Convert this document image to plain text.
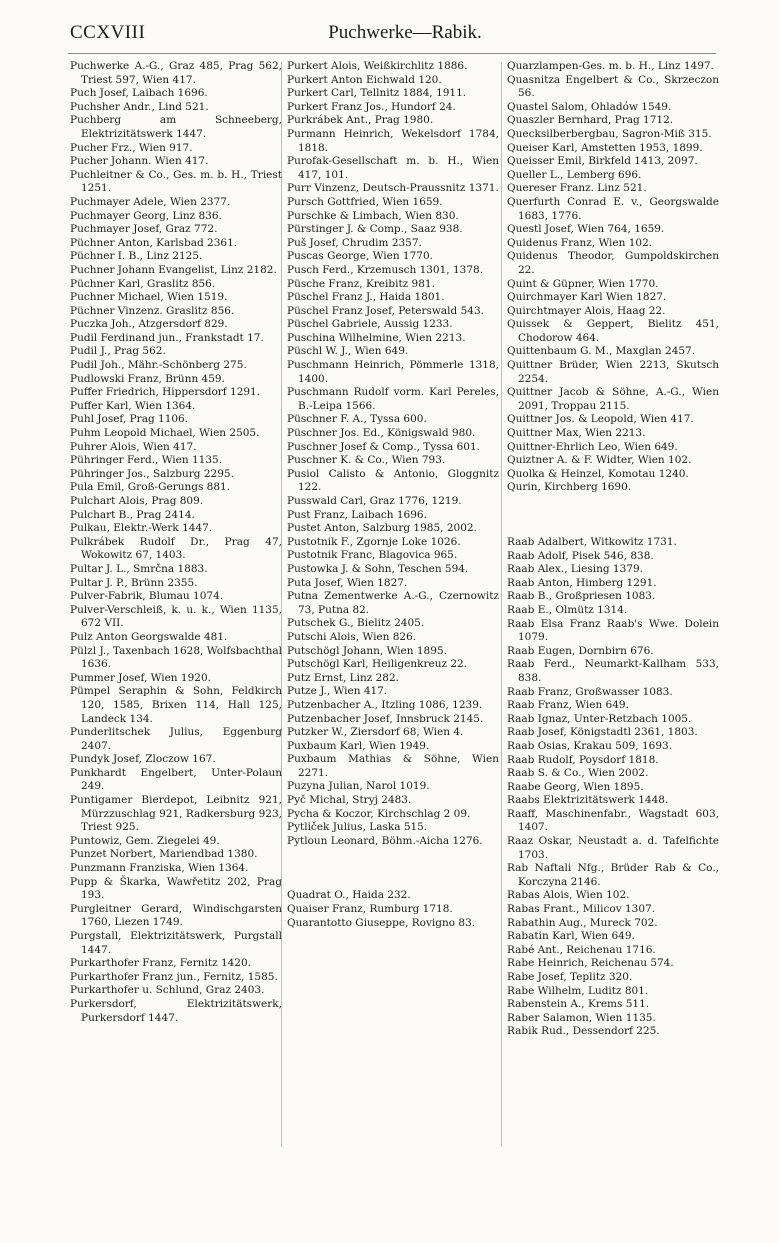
CCXVIII	Puchwerke—Rabik.

Puchwerke A.-G., Graz 485, Prag 562, Triest 597, Wien 417.

Puch Josef, Laibach 1696.

Puchsher Andr., Lind 521.

Puchberg am Schneeberg, Elektrizitätswerk 1447.

Pucher Frz., Wien 917.

Pucher Johann. Wien 417.

Puchleitner & Co., Ges. m. b. H., Triest 1251.

Puchmayer Adele, Wien 2377.

Puchmayer Georg, Linz 836.

Puchmayer Josef, Graz 772.

Püchner Anton, Karlsbad 2361.

Püchner I. B., Linz 2125.

Puchner Johann Evangelist, Linz 2182.

Püchner Karl, Graslitz 856.

Puchner Michael, Wien 1519.

Püchner Vinzenz. Graslitz 856.

Puczka Joh., Atzgersdorf 829.

Pudil Ferdinand jun., Frankstadt 17.

Pudil J., Prag 562.

Pudil Joh., Mähr.-Schönberg 275.

Pudlowski Franz, Brünn 459.

Puffer Friedrich, Hippersdorf 1291.

Puffer Karl, Wien 1364.

Puhl Josef, Prag 1106.

Puhm Leopold Michael, Wien 2505.

Puhrer Alois, Wien 417.

Pühringer Ferd., Wien 1135.

Pühringer Jos., Salzburg 2295.

Pula Emil, Groß-Gerungs 881.

Pulchart Alois, Prag 809.

Pulchart B., Prag 2414.

Pulkau, Elektr.-Werk 1447.

Pulkrábek Rudolf Dr., Prag 47, Wokowitz 67, 1403.

Pultar J. L., Smrčna 1883.

Pultar J. P., Brünn 2355.

Pulver-Fabrik, Blumau 1074.

Pulver-Verschleiß, k. u. k., Wien 1135, 672 VII.

Pulz Anton Georgswalde 481.

Pülzl J., Taxenbach 1628, Wolfsbachthal 1636.

Pummer Josef, Wien 1920.

Pümpel Seraphin & Sohn, Feldkirch 120, 1585, Brixen 114, Hall 125, Landeck 134.

Punderlitschek Julius, Eggenburg 2407.

Pundyk Josef, Zloczow 167.

Punkhardt Engelbert, Unter-Polaun 249.

Puntigamer Bierdepot, Leibnitz 921, Mürzzuschlag 921, Radkersburg 923, Triest 925.

Puntowiz, Gem. Ziegelei 49.

Punzet Norbert, Mariendbad 1380.

Punzmann Franziska, Wien 1364.

Pupp & Škarka, Wawřetitz 202, Prag 193.

Purgleitner Gerard, Windischgarsten 1760, Liezen 1749.

Purgstall, Elektrizitätswerk, Purgstall 1447.

Purkarthofer Franz, Fernitz 1420.

Purkarthofer Franz jun., Fernitz, 1585.

Purkarthofer u. Schlund, Graz 2403.

Purkersdorf, Elektrizitätswerk, Purkersdorf 1447.

Purkert Alois, Weißkirchlitz 1886.

Purkert Anton Eichwald 120.

Purkert Carl, Tellnitz 1884, 1911.

Purkert Franz Jos., Hundorf 24.

Purkrábek Ant., Prag 1980.

Purmann Heinrich, Wekelsdorf 1784, 1818.

Purofak-Gesellschaft m. b. H., Wien 417, 101.

Purr Vinzenz, Deutsch-Praussnitz 1371.

Pursch Gottfried, Wien 1659.

Purschke & Limbach, Wien 830.

Pürstinger J. & Comp., Saaz 938.

Puš Josef, Chrudim 2357.

Puscas George, Wien 1770.

Pusch Ferd., Krzemusch 1301, 1378.

Püsche Franz, Kreibitz 981.

Püschel Franz J., Haida 1801.

Püschel Franz Josef, Peterswald 543.

Püschel Gabriele, Aussig 1233.

Puschina Wilhelmine, Wien 2213.

Püschl W. J., Wien 649.

Puschmann Heinrich, Pömmerle 1318, 1400.

Puschmann Rudolf vorm. Karl Pereles, B.-Leipa 1566.

Püschner F. A., Tyssa 600.

Püschner Jos. Ed., Königswald 980.

Puschner Josef & Comp., Tyssa 601.

Puschner K. & Co., Wien 793.

Pusiol Calisto & Antonio, Gloggnitz 122.

Pusswald Carl, Graz 1776, 1219.

Pust Franz, Laibach 1696.

Pustet Anton, Salzburg 1985, 2002.

Pustotnik F., Zgornje Loke 1026.

Pustotnik Franc, Blagovica 965.

Pustowka J. & Sohn, Teschen 594.

Puta Josef, Wien 1827.

Putna Zementwerke A.-G., Czernowitz 73, Putna 82.

Putschek G., Bielitz 2405.

Putschi Alois, Wien 826.

Putschögl Johann, Wien 1895.

Putschögl Karl, Heiligenkreuz 22.

Putz Ernst, Linz 282.

Putze J., Wien 417.

Putzenbacher A., Itzling 1086, 1239.

Putzenbacher Josef, Innsbruck 2145.

Putzker W., Ziersdorf 68, Wien 4.

Puxbaum Karl, Wien 1949.

Puxbaum Mathias & Söhne, Wien 2271.

Puzyna Julian, Narol 1019.

Pyč Michal, Stryj 2483.

Pycha & Koczor, Kirchschlag 2 09.

Pytliček Julius, Laska 515.

Pytloun Leonard, Böhm.-Aicha 1276.

Quadrat O., Haida 232.

Quaiser Franz, Rumburg 1718.

Quarantotto Giuseppe, Rovigno 83.

Quarzlampen-Ges. m. b. H., Linz 1497.

Quasnitza Engelbert & Co., Skrzeczon 56.

Quastel Salom, Ohladów 1549.

Quaszler Bernhard, Prag 1712.

Quecksilberbergbau, Sagron-Miß 315.

Queiser Karl, Amstetten 1953, 1899.

Queisser Emil, Birkfeld 1413, 2097.

Queller L., Lemberg 696.

Quereser Franz. Linz 521.

Querfurth Conrad E. v., Georgswalde 1683, 1776.

Questl Josef, Wien 764, 1659.

Quidenus Franz, Wien 102.

Quidenus Theodor, Gumpoldskirchen 22.

Quint & Güpner, Wien 1770.

Quirchmayer Karl Wien 1827.

Quirchtmayer Alois, Haag 22.

Quissek & Geppert, Bielitz 451, Chodorow 464.

Quittenbaum G. M., Maxglan 2457.

Quittner Brüder, Wien 2213, Skutsch 2254.

Quittner Jacob & Söhne, A.-G., Wien 2091, Troppau 2115.

Quittner Jos. & Leopold, Wien 417.

Quittner Max, Wien 2213.

Quittner-Ehrlich Leo, Wien 649.

Quiztner A. & F. Widter, Wien 102.

Quolka & Heinzel, Komotau 1240.

Qurin, Kirchberg 1690.

Raab Adalbert, Witkowitz 1731.

Raab Adolf, Pisek 546, 838.

Raab Alex., Liesing 1379.

Raab Anton, Himberg 1291.

Raab B., Großpriesen 1083.

Raab E., Olmütz 1314.

Raab Elsa Franz Raab's Wwe. Dolein 1079.

Raab Eugen, Dornbirn 676.

Raab Ferd., Neumarkt-Kallham 533, 838.

Raab Franz, Großwasser 1083.

Raab Franz, Wien 649.

Raab Ignaz, Unter-Retzbach 1005.

Raab Josef, Königstadtl 2361, 1803.

Raab Osias, Krakau 509, 1693.

Raab Rudolf, Poysdorf 1818.

Raab S. & Co., Wien 2002.

Raabe Georg, Wien 1895.

Raabs Elektrizitätswerk 1448.

Raaff, Maschinenfabr., Wagstadt 603, 1407.

Raaz Oskar, Neustadt a. d. Tafelfichte 1703.

Rab Naftali Nfg., Brüder Rab & Co., Korczyna 2146.

Rabas Alois, Wien 102.

Rabas Frant., Milicov 1307.

Rabathin Aug., Mureck 702.

Rabatin Karl, Wien 649.

Rabé Ant., Reichenau 1716.

Rabe Heinrich, Reichenau 574.

Rabe Josef, Teplitz 320.

Rabe Wilhelm, Luditz 801.

Rabenstein A., Krems 511.

Raber Salamon, Wien 1135.

Rabik Rud., Dessendorf 225.
